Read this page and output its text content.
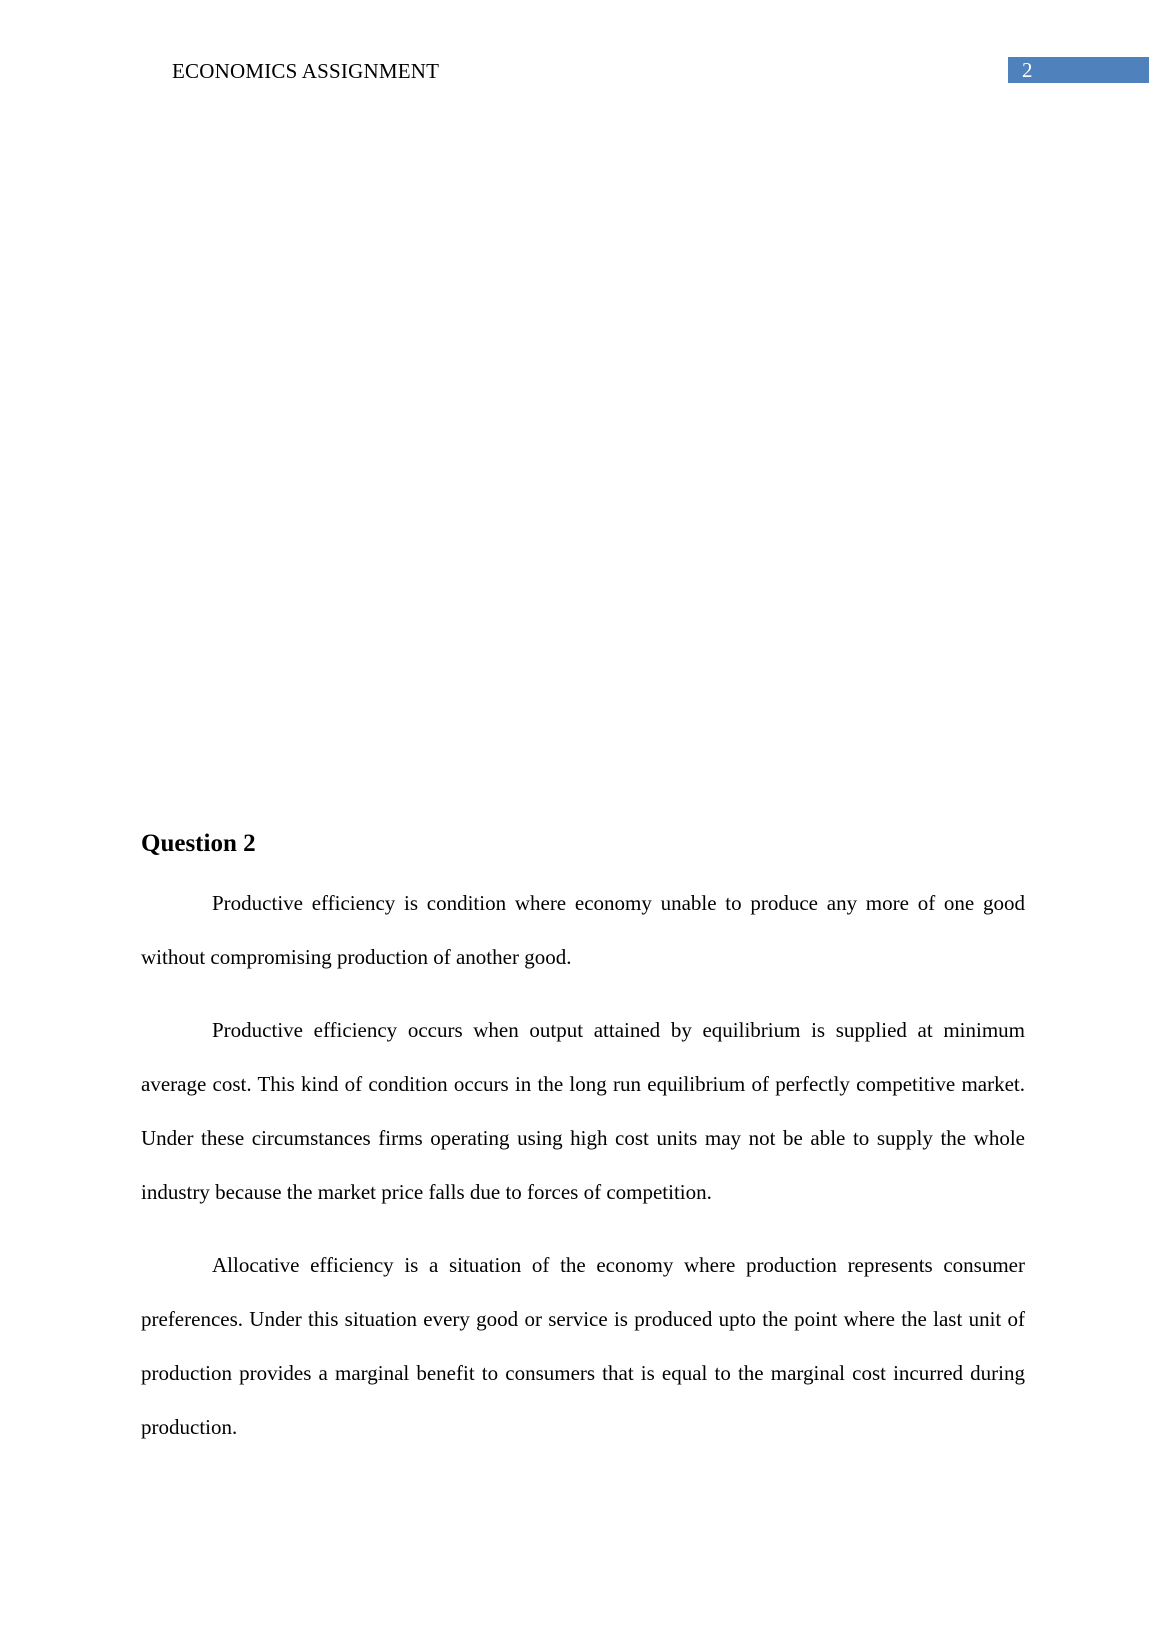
ECONOMICS ASSIGNMENT	2
Question 2

Productive efficiency is condition where economy unable to produce any more of one good without compromising production of another good.

Productive efficiency occurs when output attained by equilibrium is supplied at minimum average cost. This kind of condition occurs in the long run equilibrium of perfectly competitive market. Under these circumstances firms operating using high cost units may not be able to supply the whole industry because the market price falls due to forces of competition.

Allocative efficiency is a situation of the economy where production represents consumer preferences. Under this situation every good or service is produced upto the point where the last unit of production provides a marginal benefit to consumers that is equal to the marginal cost incurred during production.
